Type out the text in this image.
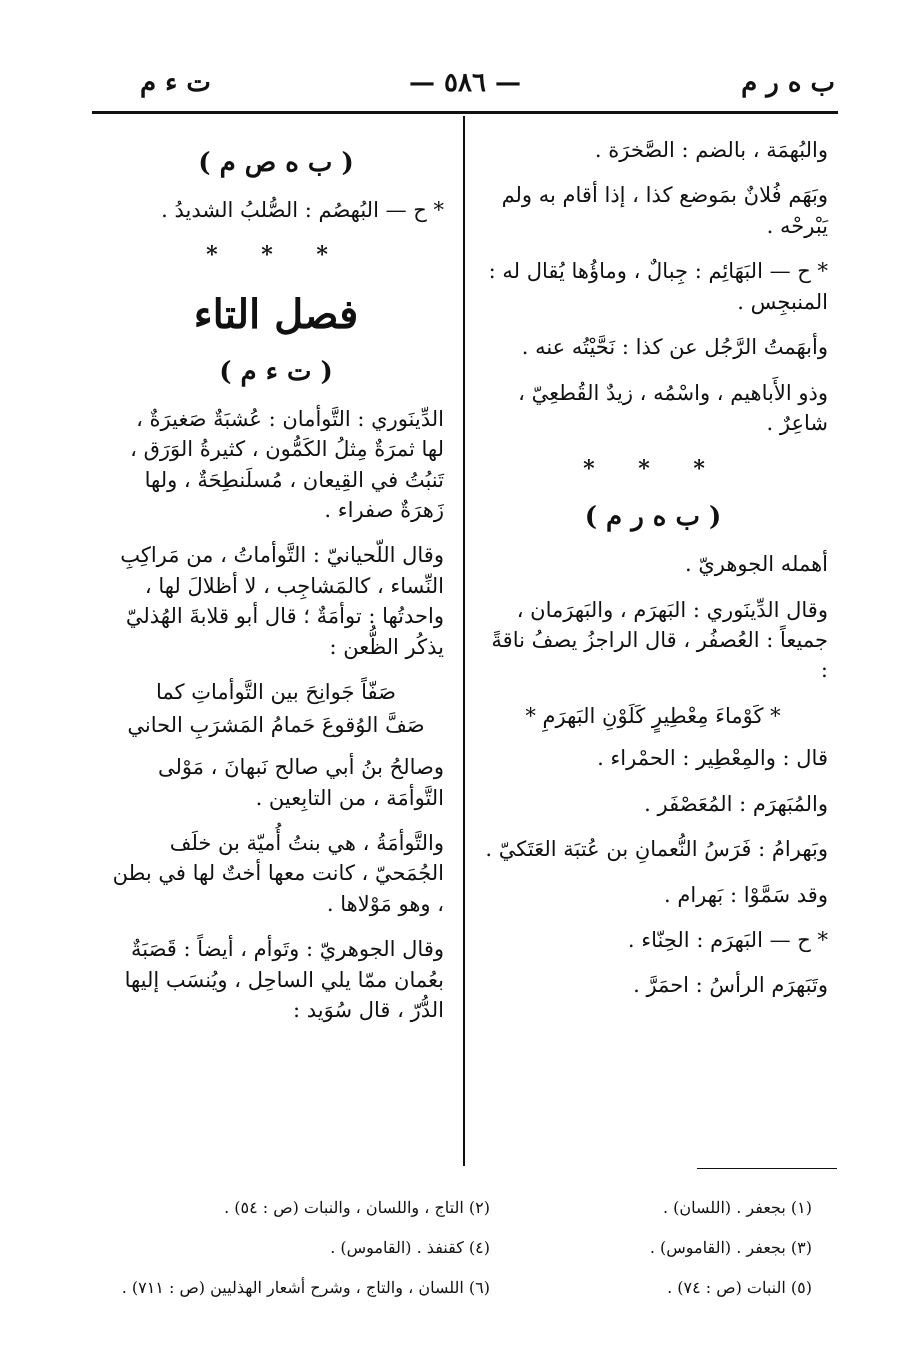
ت ء م	— ٥٨٦ —	ب ه ر م

والبُهمَة ، بالضم : الصَّخرَة .

وبَهَم فُلانٌ بمَوضع كذا ، إذا أقام به ولم يَبْرحْه .

* ح — البَهَائِم : جِبالٌ ، وماؤُها يُقال له : المنبجِس .

وأبهَمتُ الرَّجُل عن كذا : نَحَّيْتُه عنه .

وذو الأَباهيم ، واسْمُه ، زيدٌ القُطعِيّ ، شاعِرٌ .

* * *
( ب ه ر م )

أهمله الجوهريّ .

وقال الدِّينَوري : البَهرَم ، والبَهرَمان ، جميعاً : العُصفُر ، قال الراجزُ يصفُ ناقةً :

* كَوْماءَ مِعْطِيرٍ كَلَوْنِ البَهرَمِ *

قال : والمِعْطِير : الحمْراء .

والمُبَهرَم : المُعَصْفَر .

وبَهرامُ : فَرَسُ النُّعمانِ بن عُتبَة العَتَكيّ .

وقد سَمَّوْا : بَهرام .

* ح — البَهرَم : الحِنّاء .

وتَبَهرَم الرأسُ : احمَرَّ .

( ب ه ص م )

* ح — البُهصُم : الصُّلبُ الشديدُ .

* * *
فصل التاء
( ت ء م )

الدِّينَوري : التَّوأمان : عُشبَةٌ صَغيرَةٌ ، لها ثمرَةٌ مِثلُ الكَمُّون ، كثيرةُ الوَرَق ، تَنبُتُ في القِيعان ، مُسلَنطِحَةٌ ، ولها زَهرَةٌ صفراء .

وقال اللّحيانيّ : التَّوأماتُ ، من مَراكِبِ النِّساء ، كالمَشاجِب ، لا أظلالَ لها ، واحدتُها : توأمَةٌ ؛ قال أبو قلابةَ الهُذليّ يذكُر الظُّعن :

صَفّاً جَوانِحَ بين التَّوأماتِ كما

صَفَّ الوُقوعَ حَمامُ المَشرَبِ الحاني

وصالحُ بنُ أبي صالح نَبهانَ ، مَوْلى التَّوأمَة ، من التابِعين .

والتَّوأمَةُ ، هي بنتُ أُميّة بن خلَف الجُمَحيّ ، كانت معها أختٌ لها في بطن ، وهو مَوْلاها .

وقال الجوهريّ : وتَوأم ، أيضاً : قَصَبَةٌ بعُمان ممّا يلي الساحِل ، ويُنسَب إليها الدُّرّ ، قال سُوَيد :

(١) بجعفر . (اللسان) .
(٣) بجعفر . (القاموس) .
(٥) النبات (ص : ٧٤) .
(٢) التاج ، واللسان ، والنبات (ص : ٥٤) .
(٤) كقنفذ . (القاموس) .
(٦) اللسان ، والتاج ، وشرح أشعار الهذليين (ص : ٧١١) .
